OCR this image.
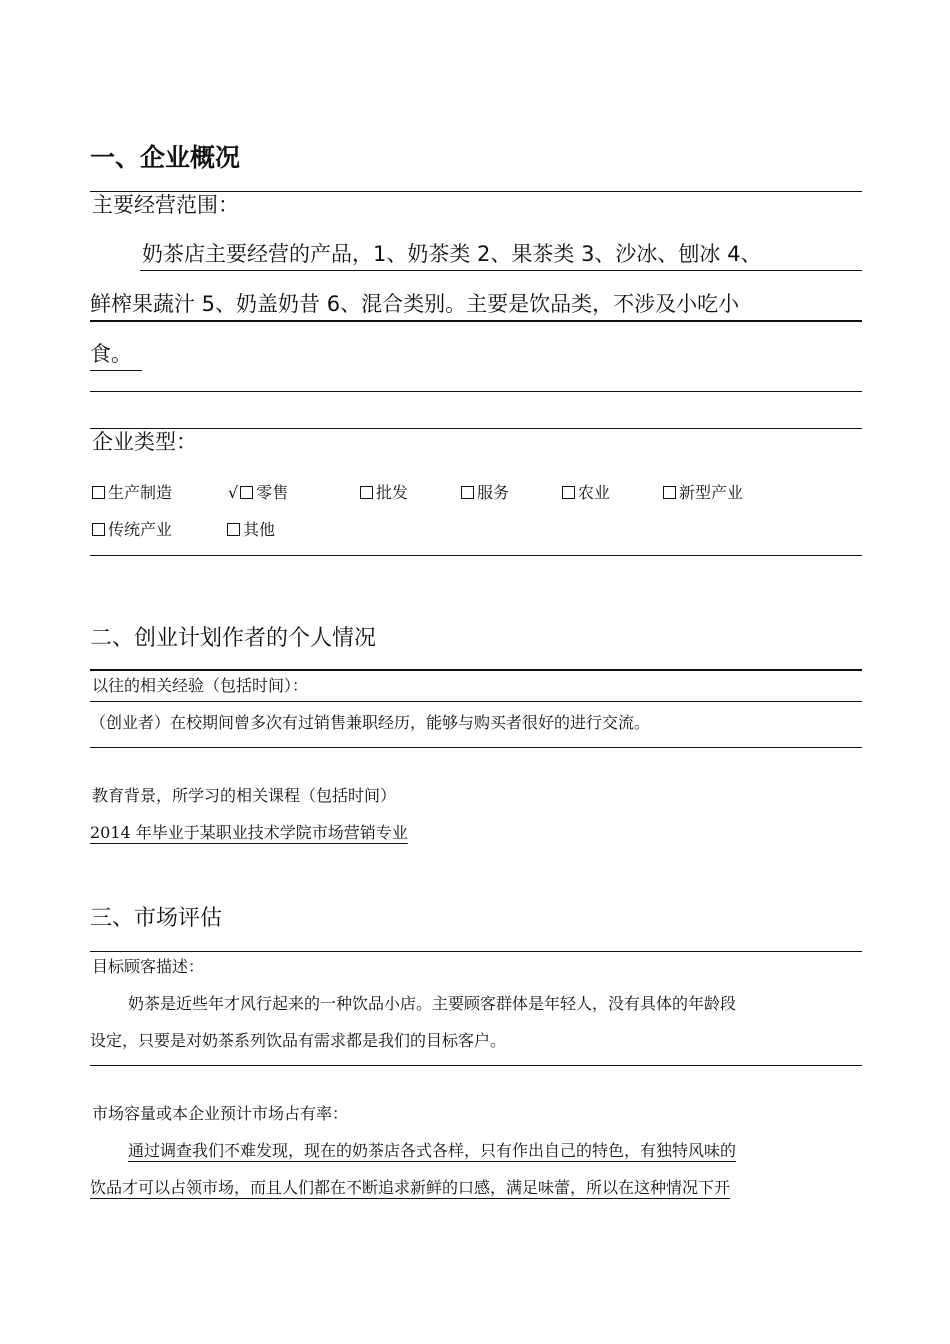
一、企业概况
主要经营范围：
奶茶店主要经营的产品，1、奶茶类 2、果茶类 3、沙冰、刨冰 4、
鲜榨果蔬汁 5、奶盖奶昔 6、混合类别。主要是饮品类，不涉及小吃小
食。
企业类型：
生产制造	√ 零售	批发	服务	农业	新型产业
传统产业	其他
二、创业计划作者的个人情况
以往的相关经验（包括时间）：
（创业者）在校期间曾多次有过销售兼职经历，能够与购买者很好的进行交流。
教育背景，所学习的相关课程（包括时间）
2014 年毕业于某职业技术学院市场营销专业
三、市场评估
目标顾客描述：
奶茶是近些年才风行起来的一种饮品小店。主要顾客群体是年轻人，没有具体的年龄段
设定，只要是对奶茶系列饮品有需求都是我们的目标客户。
市场容量或本企业预计市场占有率：
通过调查我们不难发现，现在的奶茶店各式各样，只有作出自己的特色，有独特风味的
饮品才可以占领市场，而且人们都在不断追求新鲜的口感，满足味蕾，所以在这种情况下开
